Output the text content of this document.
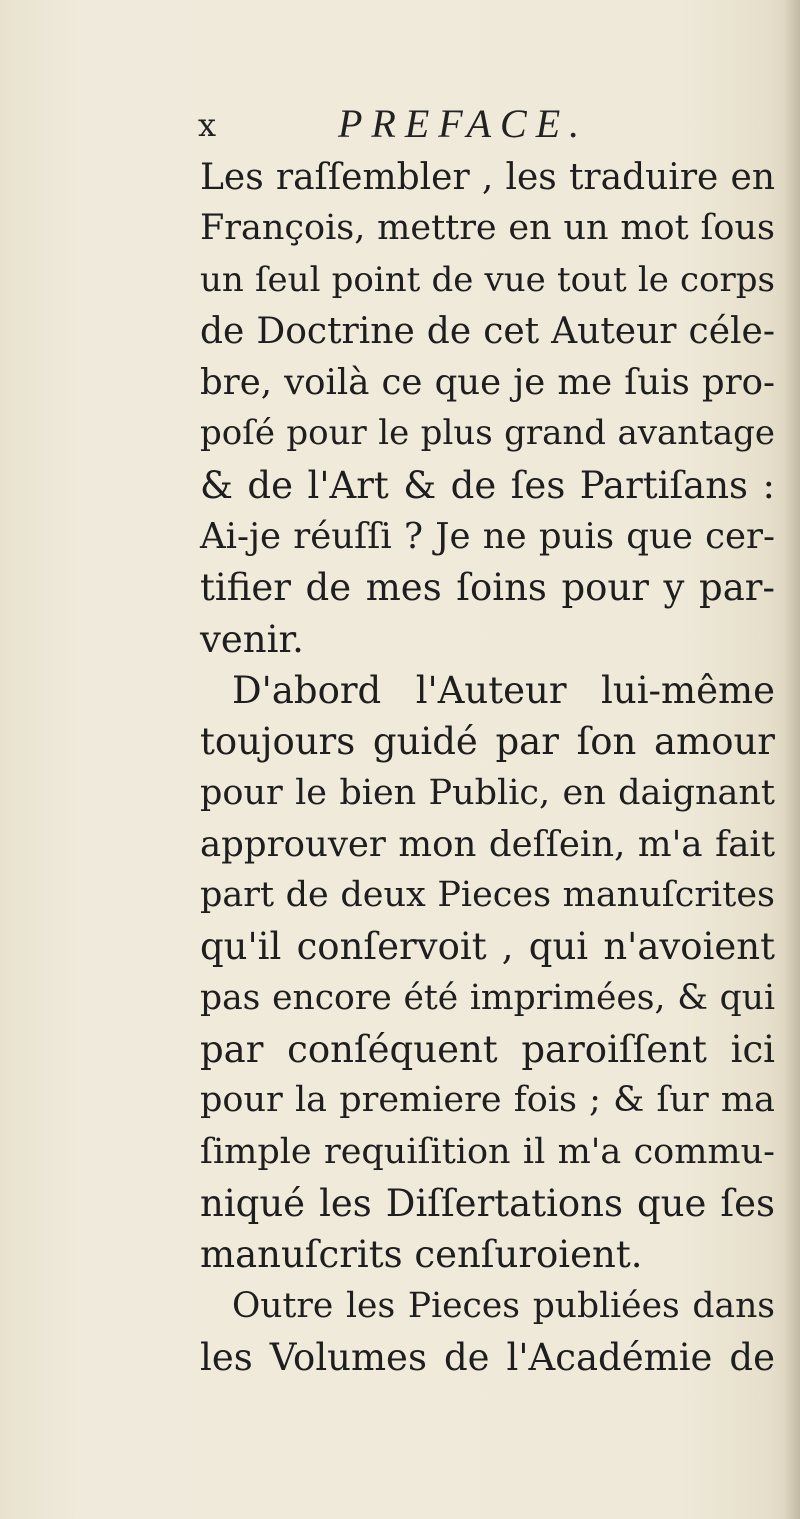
x	PREFACE.
Les raſſembler , les traduire en
François, mettre en un mot ſous
un ſeul point de vue tout le corps
de Doctrine de cet Auteur céle-
bre, voilà ce que je me ſuis pro-
poſé pour le plus grand avantage
& de l'Art & de ſes Partiſans :
Ai-je réuſſi ? Je ne puis que cer-
tifier de mes ſoins pour y par-
venir.
D'abord l'Auteur lui-même
toujours guidé par ſon amour
pour le bien Public, en daignant
approuver mon deſſein, m'a fait
part de deux Pieces manuſcrites
qu'il conſervoit , qui n'avoient
pas encore été imprimées, & qui
par conſéquent paroiſſent ici
pour la premiere fois ; & ſur ma
ſimple requiſition il m'a commu-
niqué les Diſſertations que ſes
manuſcrits cenſuroient.
Outre les Pieces publiées dans
les Volumes de l'Académie de
